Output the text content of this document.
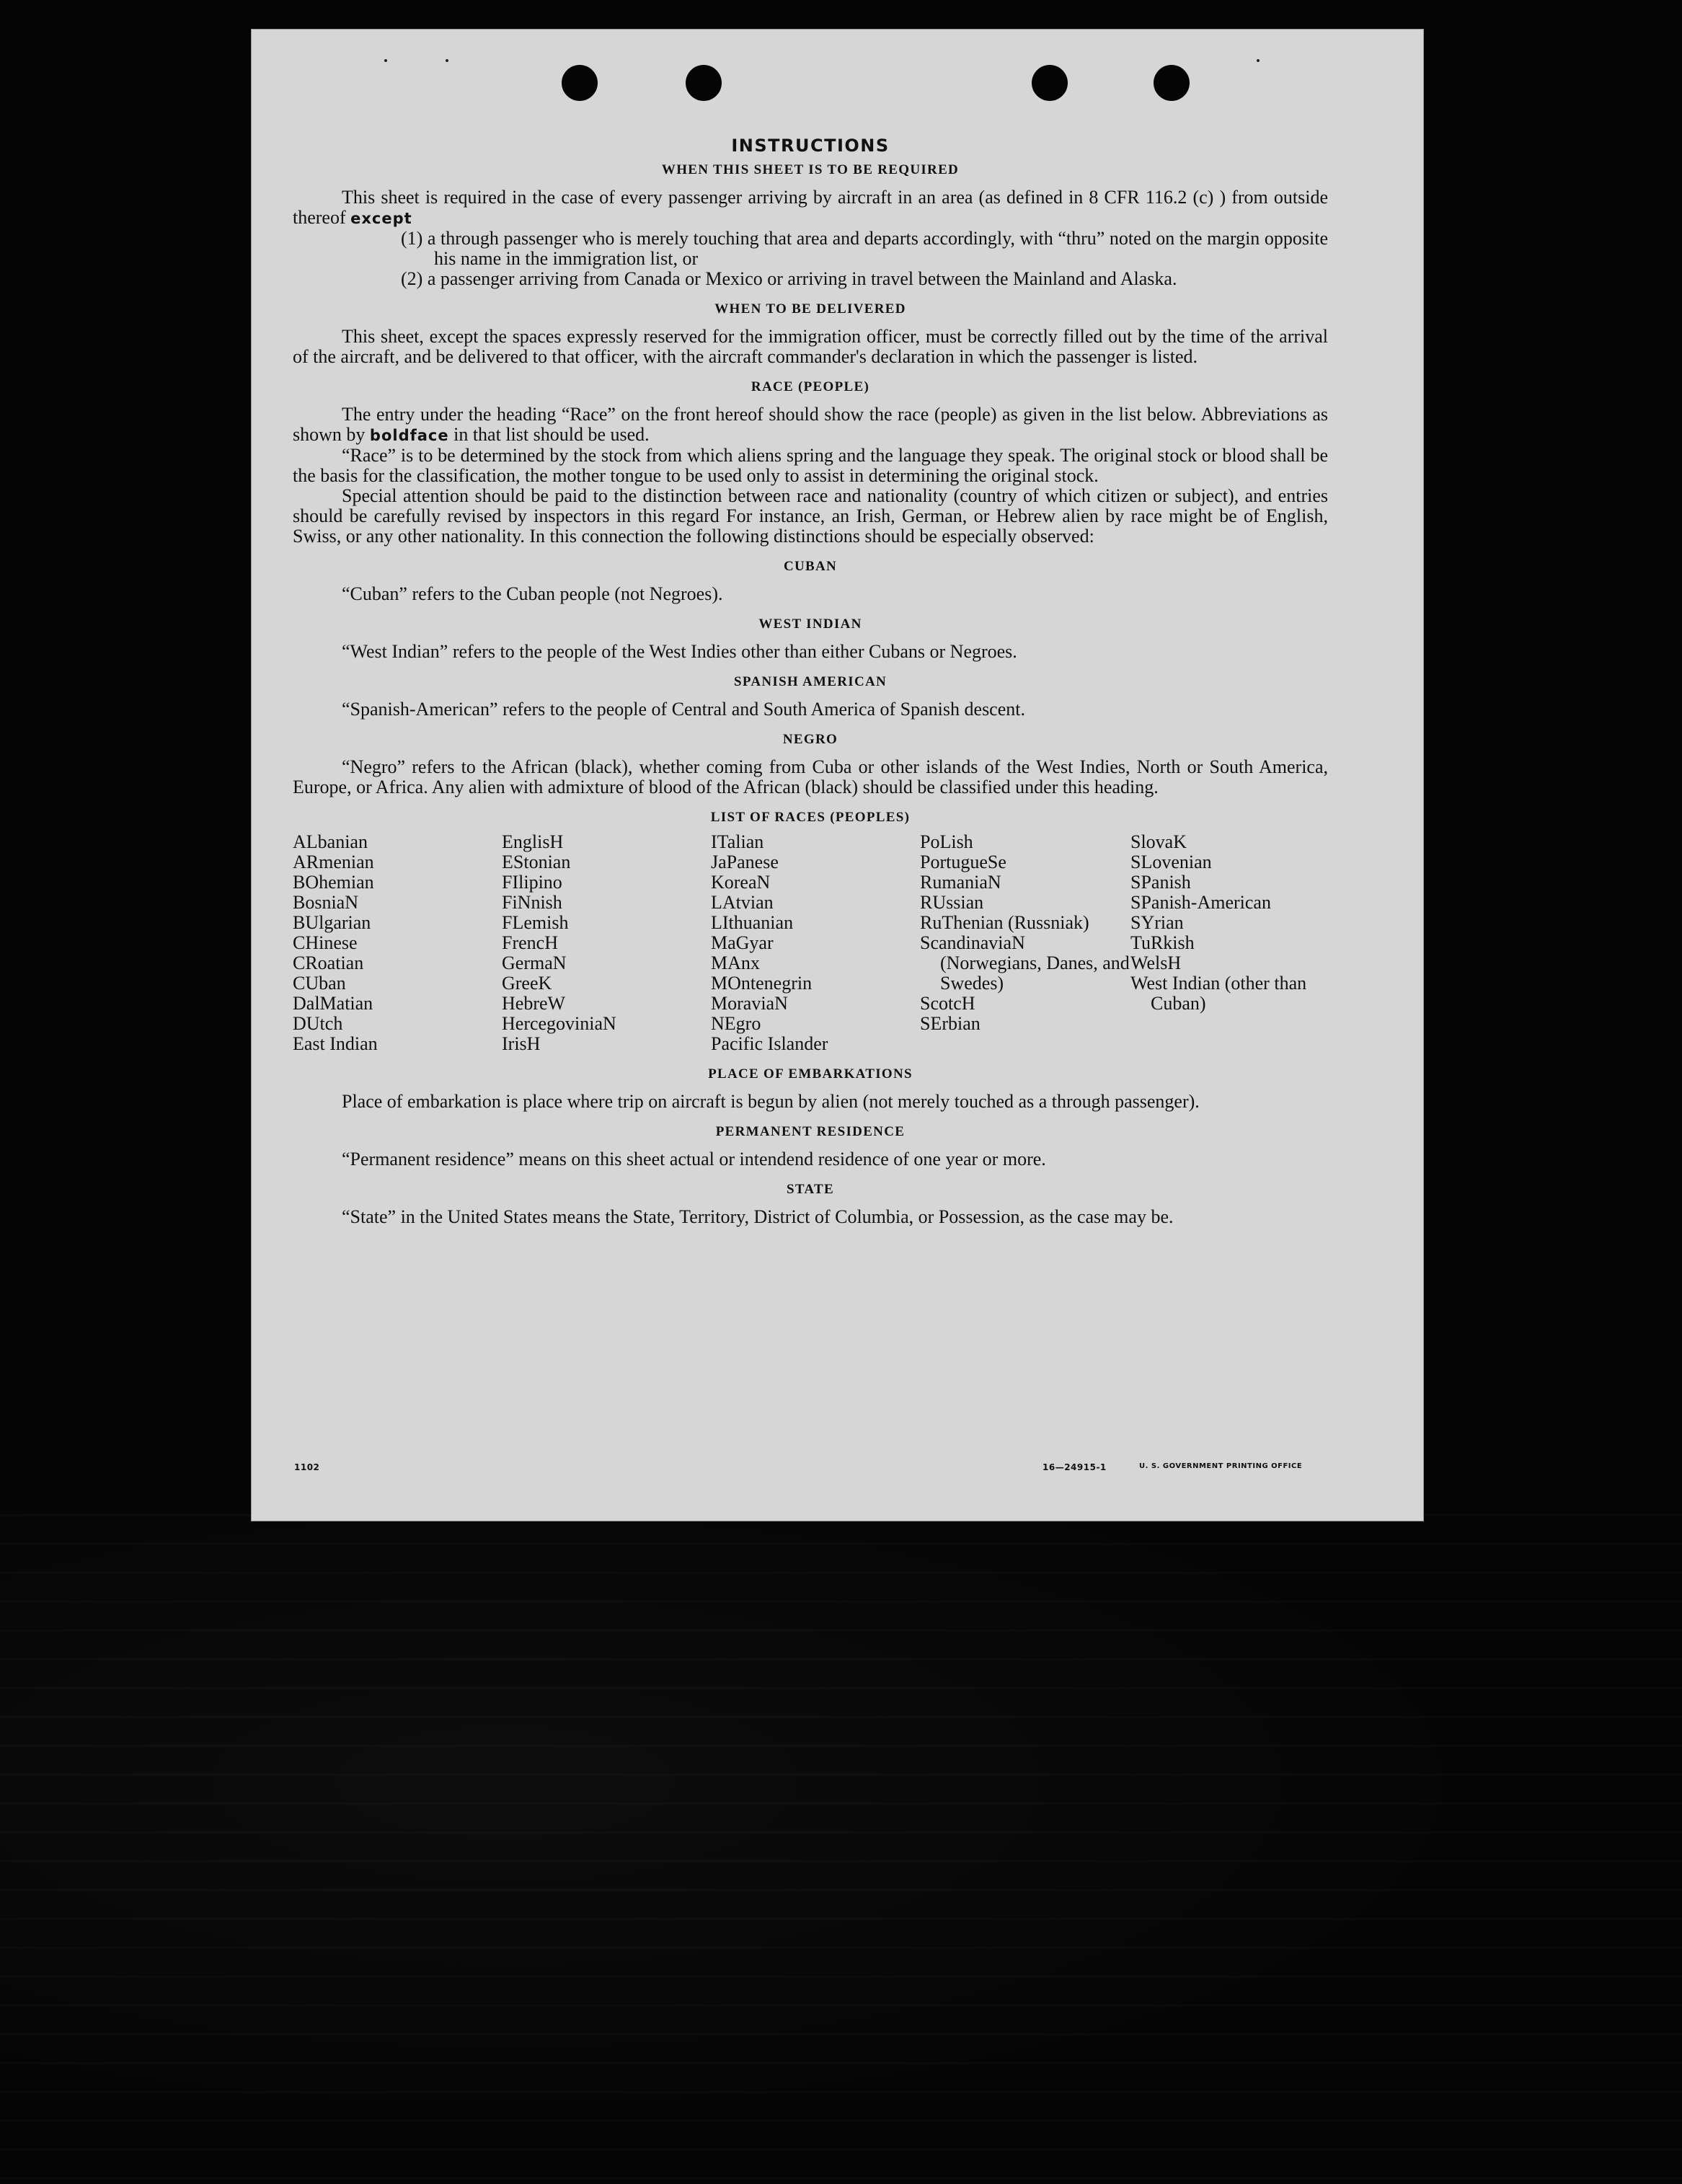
INSTRUCTIONS
WHEN THIS SHEET IS TO BE REQUIRED

This sheet is required in the case of every passenger arriving by aircraft in an area (as defined in 8 CFR 116.2 (c) ) from outside thereof except

(1) a through passenger who is merely touching that area and departs accordingly, with “thru” noted on the margin opposite his name in the immigration list, or
(2) a passenger arriving from Canada or Mexico or arriving in travel between the Mainland and Alaska.
WHEN TO BE DELIVERED

This sheet, except the spaces expressly reserved for the immigration officer, must be correctly filled out by the time of the arrival of the aircraft, and be delivered to that officer, with the aircraft commander's declaration in which the passenger is listed.

RACE (PEOPLE)

The entry under the heading “Race” on the front hereof should show the race (people) as given in the list below. Abbreviations as shown by boldface in that list should be used.

“Race” is to be determined by the stock from which aliens spring and the language they speak. The original stock or blood shall be the basis for the classification, the mother tongue to be used only to assist in determining the original stock.

Special attention should be paid to the distinction between race and nationality (country of which citizen or subject), and entries should be carefully revised by inspectors in this regard For instance, an Irish, German, or Hebrew alien by race might be of English, Swiss, or any other nationality. In this connection the following distinctions should be especially observed:

CUBAN

“Cuban” refers to the Cuban people (not Negroes).

WEST INDIAN

“West Indian” refers to the people of the West Indies other than either Cubans or Negroes.

SPANISH AMERICAN

“Spanish-American” refers to the people of Central and South America of Spanish descent.

NEGRO

“Negro” refers to the African (black), whether coming from Cuba or other islands of the West Indies, North or South America, Europe, or Africa. Any alien with admixture of blood of the African (black) should be classified under this heading.

LIST OF RACES (PEOPLES)
ALbanian
ARmenian
BOhemian
BosniaN
BUlgarian
CHinese
CRoatian
CUban
DalMatian
DUtch
East Indian
EnglisH
EStonian
FIlipino
FiNnish
FLemish
FrencH
GermaN
GreeK
HebreW
HercegoviniaN
IrisH
ITalian
JaPanese
KoreaN
LAtvian
LIthuanian
MaGyar
MAnx
MOntenegrin
MoraviaN
NEgro
Pacific Islander
PoLish
PortugueSe
RumaniaN
RUssian
RuThenian (Russniak)
ScandinaviaN (Norwegians, Danes, and Swedes)
ScotcH
SErbian
SlovaK
SLovenian
SPanish
SPanish-American
SYrian
TuRkish
WelsH
West Indian (other than Cuban)
PLACE OF EMBARKATIONS

Place of embarkation is place where trip on aircraft is begun by alien (not merely touched as a through passenger).

PERMANENT RESIDENCE

“Permanent residence” means on this sheet actual or intendend residence of one year or more.

STATE

“State” in the United States means the State, Territory, District of Columbia, or Possession, as the case may be.

1102	16—24915-1	U. S. GOVERNMENT PRINTING OFFICE
